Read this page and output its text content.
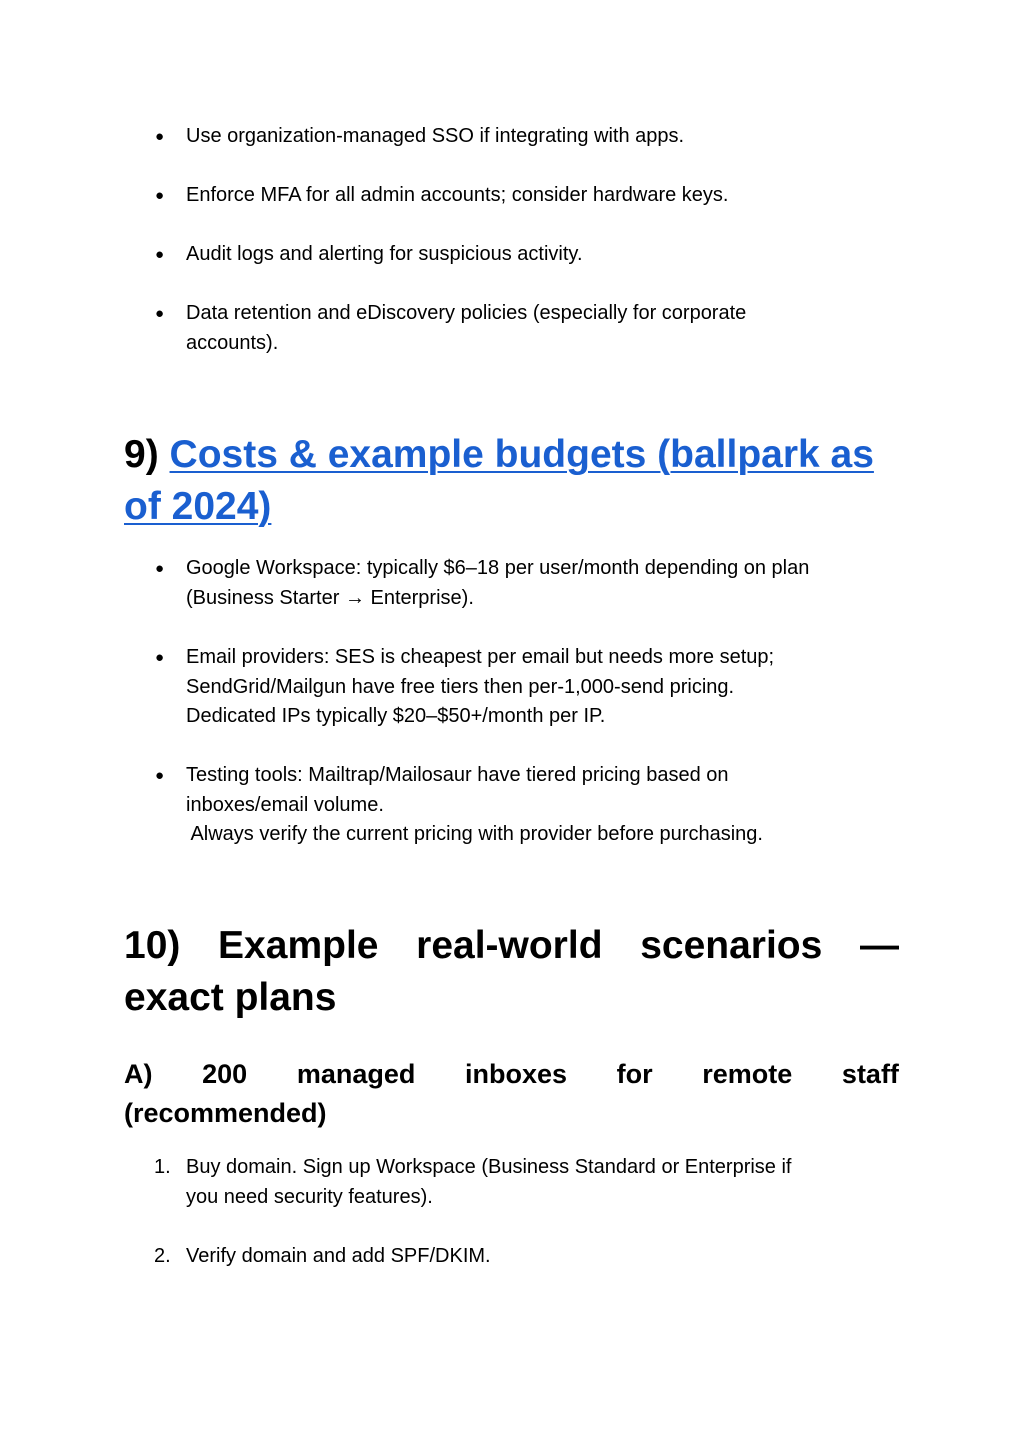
●	Use organization-managed SSO if integrating with apps.
●	Enforce MFA for all admin accounts; consider hardware keys.
●	Audit logs and alerting for suspicious activity.
●	Data retention and eDiscovery policies (especially for corporate
accounts).
9) Costs & example budgets (ballpark as
of 2024)
●	Google Workspace: typically $6–18 per user/month depending on plan
(Business Starter → Enterprise).
●	Email providers: SES is cheapest per email but needs more setup;
SendGrid/Mailgun have free tiers then per-1,000-send pricing.
Dedicated IPs typically $20–$50+/month per IP.
●	Testing tools: Mailtrap/Mailosaur have tiered pricing based on
inboxes/email volume.
Always verify the current pricing with provider before purchasing.
10) Example real-world scenarios —
exact plans
A) 200 managed inboxes for remote staff
(recommended)
1. Buy domain. Sign up Workspace (Business Standard or Enterprise if
you need security features).
2. Verify domain and add SPF/DKIM.
